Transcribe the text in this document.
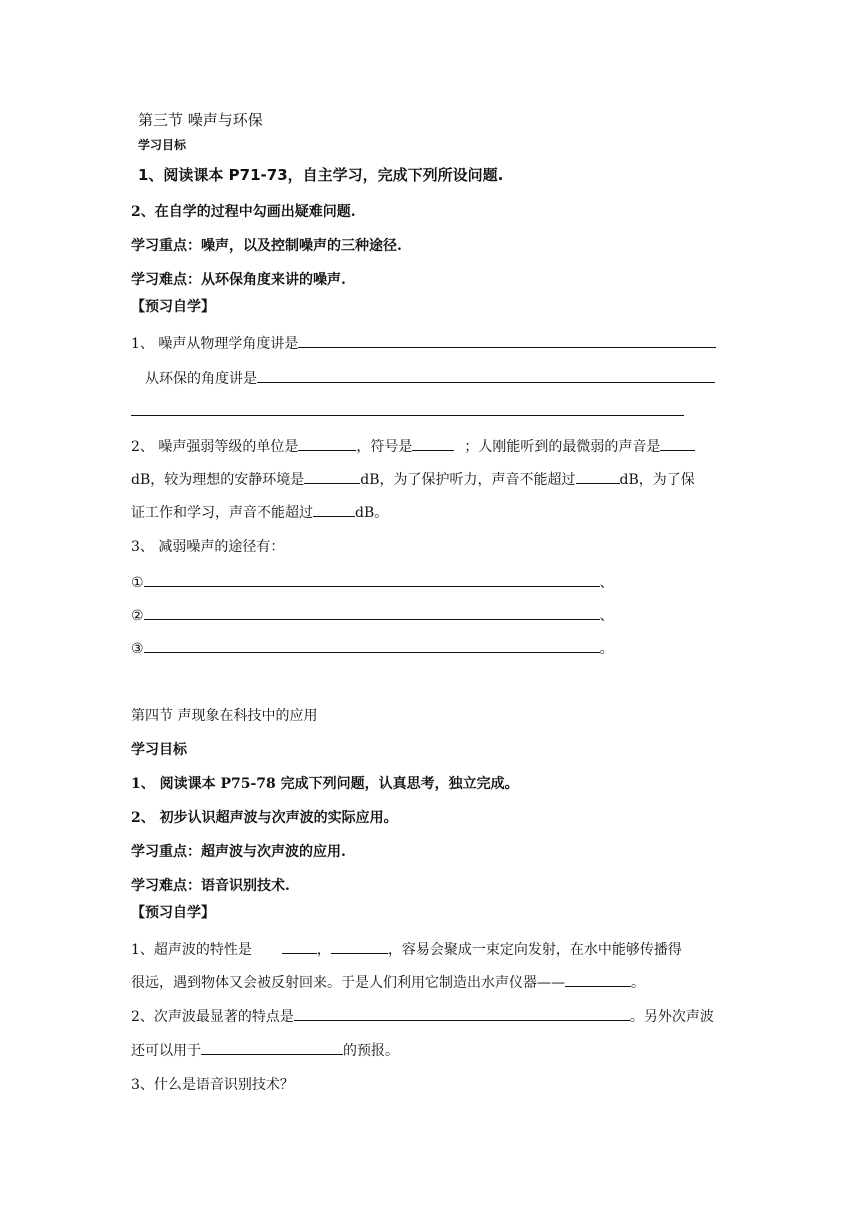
第三节 噪声与环保
学习目标
1、阅读课本 P71-73，自主学习，完成下列所设问题.
2、在自学的过程中勾画出疑难问题.
学习重点：噪声，以及控制噪声的三种途径.
学习难点：从环保角度来讲的噪声.
【预习自学】
1、 噪声从物理学角度讲是
从环保的角度讲是
2、 噪声强弱等级的单位是	，符号是	；人刚能听到的最微弱的声音是
dB，较为理想的安静环境是	dB，为了保护听力，声音不能超过	dB，为了保
证工作和学习，声音不能超过	dB。
3、 减弱噪声的途径有：
①	、
②	、
③	。
第四节 声现象在科技中的应用
学习目标
1、 阅读课本 P75-78 完成下列问题，认真思考，独立完成。
2、 初步认识超声波与次声波的实际应用。
学习重点：超声波与次声波的应用.
学习难点：语音识别技术.
【预习自学】
1、超声波的特性是	，	，容易会聚成一束定向发射，在水中能够传播得
很远，遇到物体又会被反射回来。于是人们利用它制造出水声仪器——	。
2、次声波最显著的特点是	。另外次声波
还可以用于	的预报。
3、什么是语音识别技术？
